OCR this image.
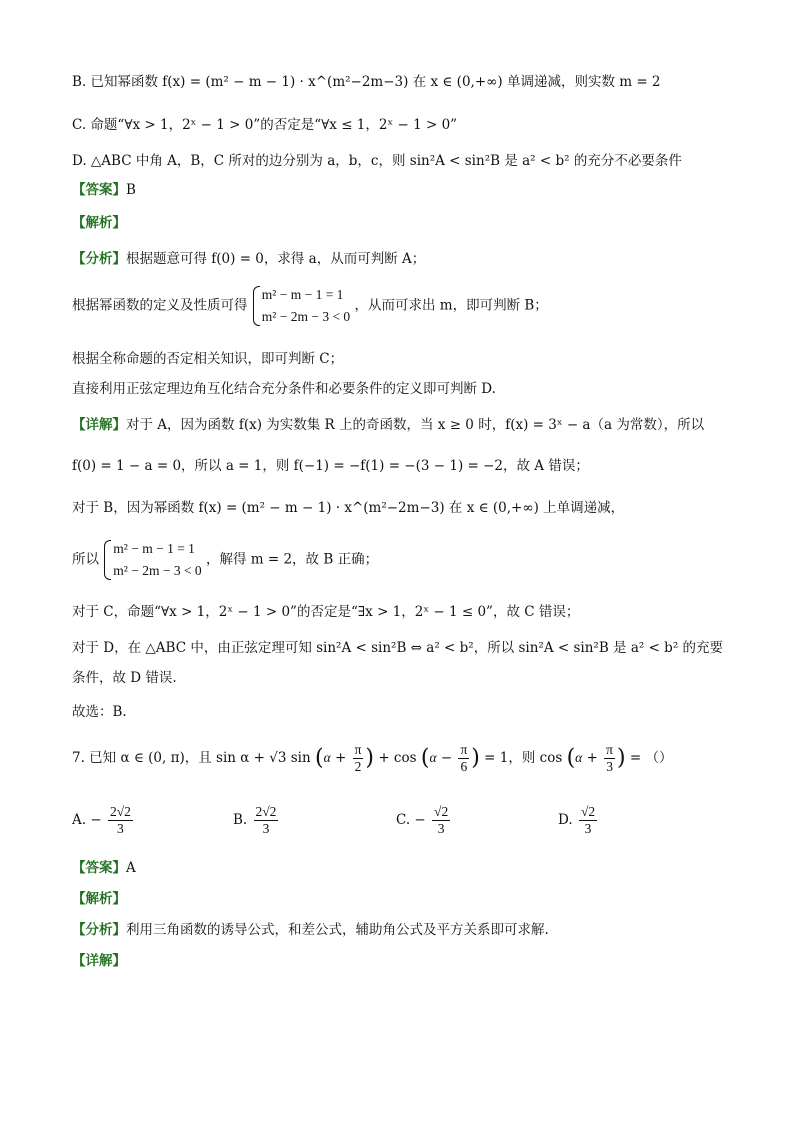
B. 已知幂函数 f(x) = (m² − m − 1) · x^(m²−2m−3) 在 x ∈ (0,+∞) 单调递减，则实数 m = 2
C. 命题“∀x > 1，2ˣ − 1 > 0”的否定是“∀x ≤ 1，2ˣ − 1 > 0”
D. △ABC 中角 A，B，C 所对的边分别为 a，b，c，则 sin²A < sin²B 是 a² < b² 的充分不必要条件
【答案】B
【解析】
【分析】根据题意可得 f(0) = 0，求得 a，从而可判断 A；
根据幂函数的定义及性质可得
m² − m − 1 = 1
m² − 2m − 3 < 0
，从而可求出 m，即可判断 B；
根据全称命题的否定相关知识，即可判断 C；
直接利用正弦定理边角互化结合充分条件和必要条件的定义即可判断 D.
【详解】对于 A，因为函数 f(x) 为实数集 R 上的奇函数，当 x ≥ 0 时，f(x) = 3ˣ − a（a 为常数），所以
f(0) = 1 − a = 0，所以 a = 1，则 f(−1) = −f(1) = −(3 − 1) = −2，故 A 错误；
对于 B，因为幂函数 f(x) = (m² − m − 1) · x^(m²−2m−3) 在 x ∈ (0,+∞) 上单调递减，
所以
m² − m − 1 = 1
m² − 2m − 3 < 0
，解得 m = 2，故 B 正确；
对于 C，命题“∀x > 1，2ˣ − 1 > 0”的否定是“∃x > 1，2ˣ − 1 ≤ 0”，故 C 错误；
对于 D，在 △ABC 中，由正弦定理可知 sin²A < sin²B ⇔ a² < b²，所以 sin²A < sin²B 是 a² < b² 的充要
条件，故 D 错误.
故选：B.
7. 已知 α ∈ (0, π)，且 sin α + √3 $\sin (\alpha + \frac{\pi}{2}$ ) + $\cos (\alpha - \frac{\pi}{6}$ ) = 1，则 $\cos (\alpha + \frac{\pi}{3}$ ) = （）
A. − $\frac{2√2}{3}$	B. $\frac{2√2}{3}$	C. − $\frac{√2}{3}$	D. $\frac{√2}{3}$
【答案】A
【解析】
【分析】利用三角函数的诱导公式，和差公式，辅助角公式及平方关系即可求解.
【详解】
